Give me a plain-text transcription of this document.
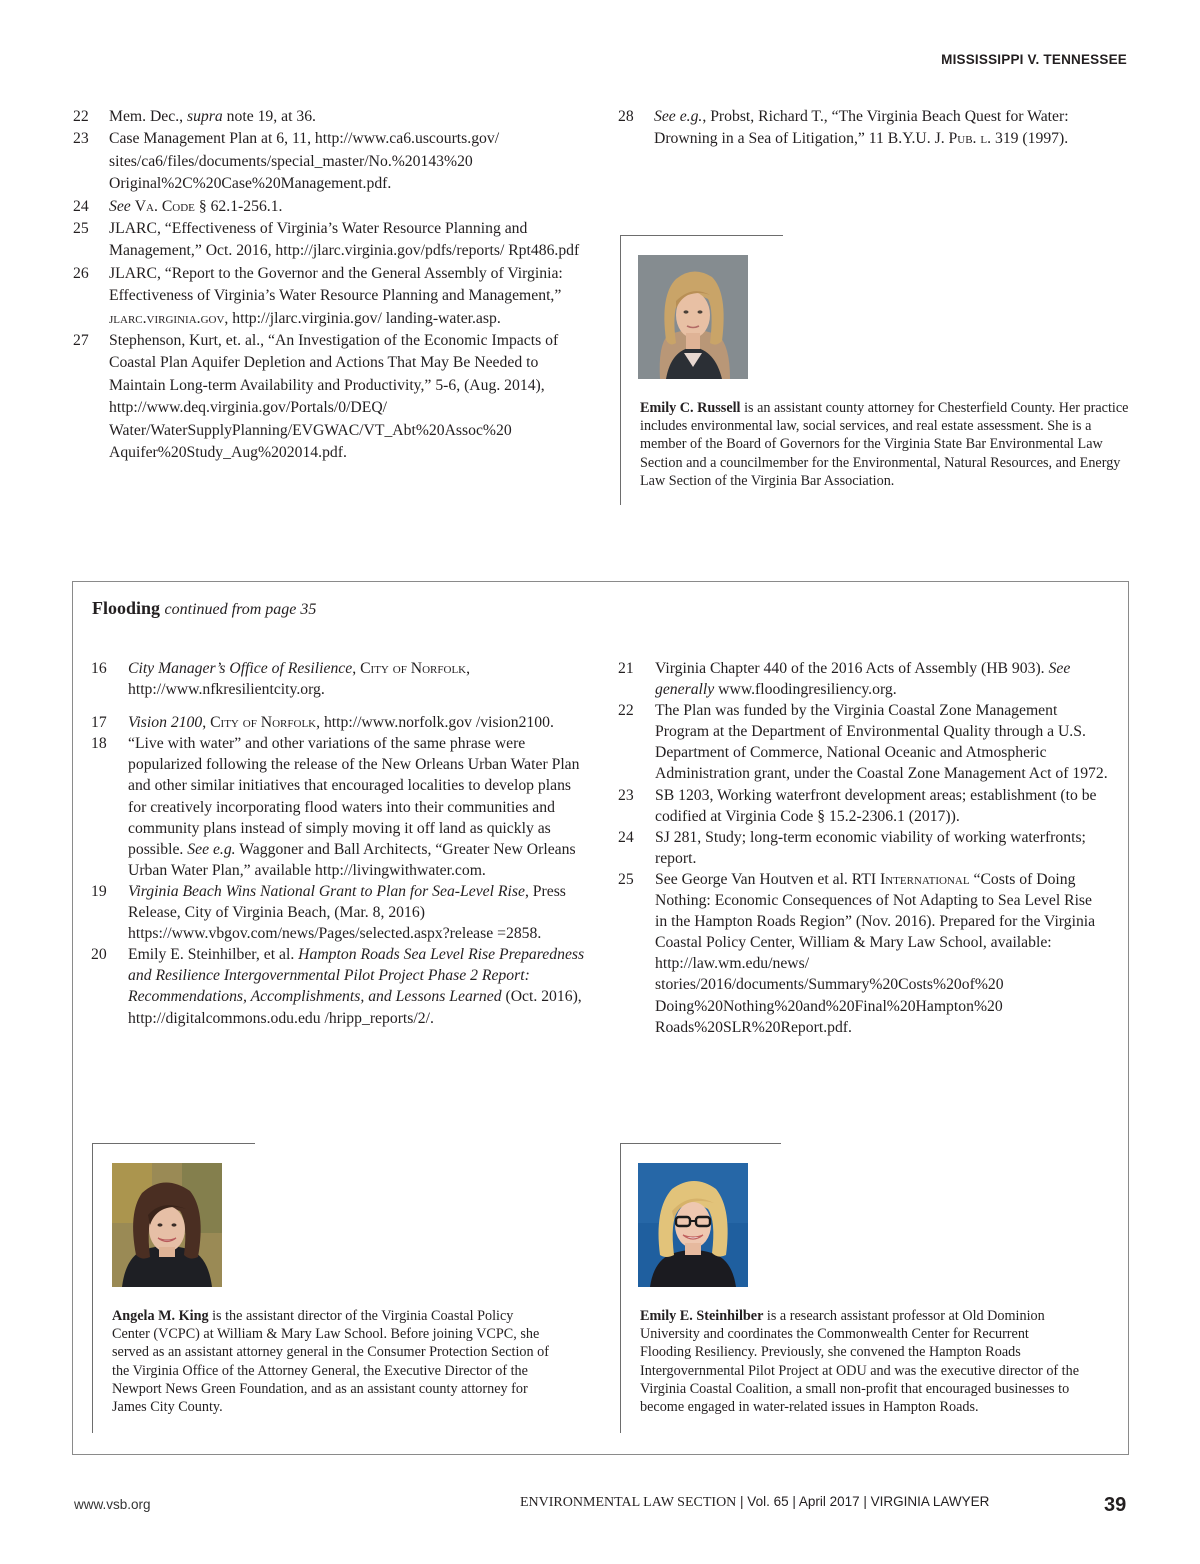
MISSISSIPPI V. TENNESSEE
22 Mem. Dec., supra note 19, at 36.
23 Case Management Plan at 6, 11, http://www.ca6.uscourts.gov/ sites/ca6/files/documents/special_master/No.%20143%20 Original%2C%20Case%20Management.pdf.
24 See Va. Code § 62.1-256.1.
25 JLARC, “Effectiveness of Virginia’s Water Resource Planning and Management,” Oct. 2016, http://jlarc.virginia.gov/pdfs/reports/ Rpt486.pdf
26 JLARC, “Report to the Governor and the General Assembly of Virginia: Effectiveness of Virginia’s Water Resource Planning and Management,” jlarc.virginia.gov, http://jlarc.virginia.gov/ landing-water.asp.
27 Stephenson, Kurt, et. al., “An Investigation of the Economic Impacts of Coastal Plan Aquifer Depletion and Actions That May Be Needed to Maintain Long-term Availability and Productivity,” 5-6, (Aug. 2014), http://www.deq.virginia.gov/Portals/0/DEQ/ Water/WaterSupplyPlanning/EVGWAC/VT_Abt%20Assoc%20 Aquifer%20Study_Aug%202014.pdf.
28 See e.g., Probst, Richard T., “The Virginia Beach Quest for Water: Drowning in a Sea of Litigation,” 11 B.Y.U. J. Pub. l. 319 (1997).
Emily C. Russell is an assistant county attorney for Chesterfield County. Her practice includes environmental law, social services, and real estate assessment. She is a member of the Board of Governors for the Virginia State Bar Environmental Law Section and a councilmember for the Environmental, Natural Resources, and Energy Law Section of the Virginia Bar Association.
Flooding continued from page 35
16 City Manager’s Office of Resilience, City of Norfolk, http://www.nfkresilientcity.org.
17 Vision 2100, City of Norfolk, http://www.norfolk.gov /vision2100.
18 “Live with water” and other variations of the same phrase were popularized following the release of the New Orleans Urban Water Plan and other similar initiatives that encouraged localities to develop plans for creatively incorporating flood waters into their communities and community plans instead of simply moving it off land as quickly as possible. See e.g. Waggoner and Ball Architects, “Greater New Orleans Urban Water Plan,” available http://livingwithwater.com.
19 Virginia Beach Wins National Grant to Plan for Sea-Level Rise, Press Release, City of Virginia Beach, (Mar. 8, 2016) https://www.vbgov.com/news/Pages/selected.aspx?release =2858.
20 Emily E. Steinhilber, et al. Hampton Roads Sea Level Rise Preparedness and Resilience Intergovernmental Pilot Project Phase 2 Report: Recommendations, Accomplishments, and Lessons Learned (Oct. 2016), http://digitalcommons.odu.edu /hripp_reports/2/.
21 Virginia Chapter 440 of the 2016 Acts of Assembly (HB 903). See generally www.floodingresiliency.org.
22 The Plan was funded by the Virginia Coastal Zone Management Program at the Department of Environmental Quality through a U.S. Department of Commerce, National Oceanic and Atmospheric Administration grant, under the Coastal Zone Management Act of 1972.
23 SB 1203, Working waterfront development areas; establishment (to be codified at Virginia Code § 15.2-2306.1 (2017)).
24 SJ 281, Study; long-term economic viability of working waterfronts; report.
25 See George Van Houtven et al. RTI International “Costs of Doing Nothing: Economic Consequences of Not Adapting to Sea Level Rise in the Hampton Roads Region” (Nov. 2016). Prepared for the Virginia Coastal Policy Center, William & Mary Law School, available: http://law.wm.edu/news/ stories/2016/documents/Summary%20Costs%20of%20 Doing%20Nothing%20and%20Final%20Hampton%20 Roads%20SLR%20Report.pdf.
Angela M. King is the assistant director of the Virginia Coastal Policy Center (VCPC) at William & Mary Law School. Before joining VCPC, she served as an assistant attorney general in the Consumer Protection Section of the Virginia Office of the Attorney General, the Executive Director of the Newport News Green Foundation, and as an assistant county attorney for James City County.
Emily E. Steinhilber is a research assistant professor at Old Dominion University and coordinates the Commonwealth Center for Recurrent Flooding Resiliency. Previously, she convened the Hampton Roads Intergovernmental Pilot Project at ODU and was the executive director of the Virginia Coastal Coalition, a small non-profit that encouraged businesses to become engaged in water-related issues in Hampton Roads.
www.vsb.org	ENVIRONMENTAL LAW SECTION | Vol. 65 | April 2017 | VIRGINIA LAWYER	39
